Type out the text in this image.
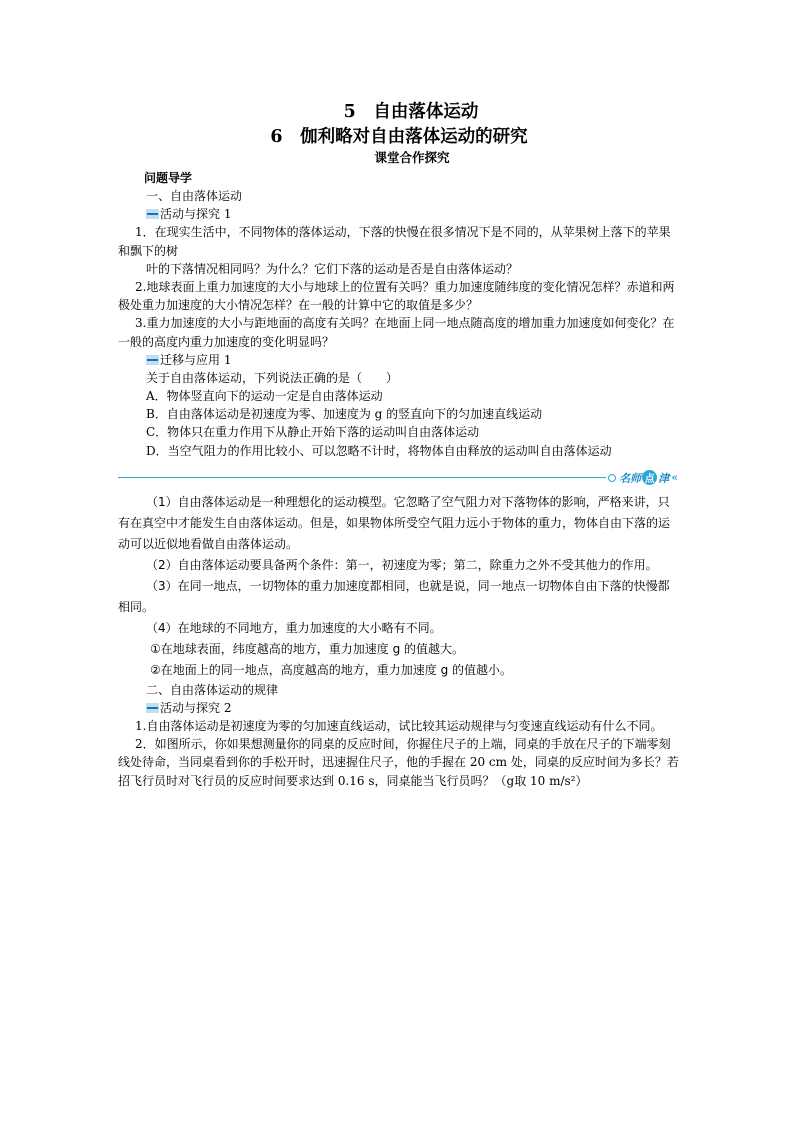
5　自由落体运动
6　伽利略对自由落体运动的研究
课堂合作探究

问题导学

一、自由落体运动

活动与探究 1

1．在现实生活中，不同物体的落体运动，下落的快慢在很多情况下是不同的，从苹果树上落下的苹果和飘下的树

叶的下落情况相同吗？为什么？它们下落的运动是否是自由落体运动？

2.地球表面上重力加速度的大小与地球上的位置有关吗？重力加速度随纬度的变化情况怎样？赤道和两极处重力加速度的大小情况怎样？在一般的计算中它的取值是多少？

3.重力加速度的大小与距地面的高度有关吗？在地面上同一地点随高度的增加重力加速度如何变化？在一般的高度内重力加速度的变化明显吗？

迁移与应用 1

关于自由落体运动，下列说法正确的是（　　）

A．物体竖直向下的运动一定是自由落体运动

B．自由落体运动是初速度为零、加速度为 g 的竖直向下的匀加速直线运动

C．物体只在重力作用下从静止开始下落的运动叫自由落体运动

D．当空气阻力的作用比较小、可以忽略不计时，将物体自由释放的运动叫自由落体运动

名师 点 津 ‹‹

（1）自由落体运动是一种理想化的运动模型。它忽略了空气阻力对下落物体的影响，严格来讲，只有在真空中才能发生自由落体运动。但是，如果物体所受空气阻力远小于物体的重力，物体自由下落的运动可以近似地看做自由落体运动。

（2）自由落体运动要具备两个条件：第一，初速度为零；第二，除重力之外不受其他力的作用。

（3）在同一地点，一切物体的重力加速度都相同，也就是说，同一地点一切物体自由下落的快慢都相同。

（4）在地球的不同地方，重力加速度的大小略有不同。

①在地球表面，纬度越高的地方，重力加速度 g 的值越大。

②在地面上的同一地点，高度越高的地方，重力加速度 g 的值越小。

二、自由落体运动的规律

活动与探究 2

1.自由落体运动是初速度为零的匀加速直线运动，试比较其运动规律与匀变速直线运动有什么不同。

2．如图所示，你如果想测量你的同桌的反应时间，你握住尺子的上端，同桌的手放在尺子的下端零刻线处待命，当同桌看到你的手松开时，迅速握住尺子，他的手握在 20 cm 处，同桌的反应时间为多长？若招飞行员时对飞行员的反应时间要求达到 0.16 s，同桌能当飞行员吗？（g取 10 m/s²）
